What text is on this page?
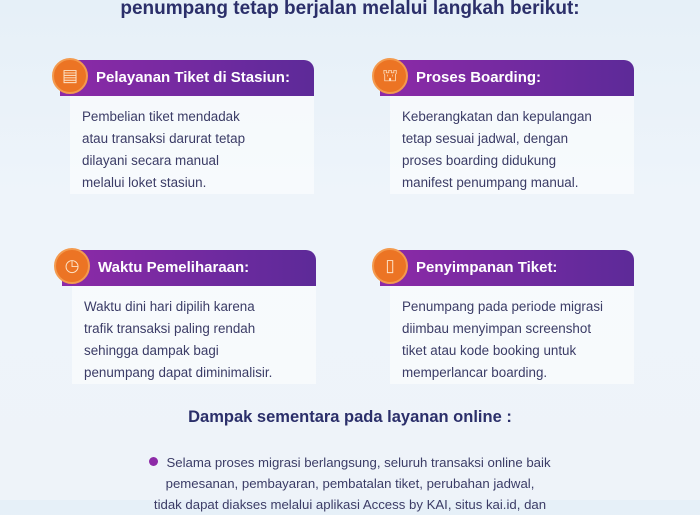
penumpang tetap berjalan melalui langkah berikut:
▤	Pelayanan Tiket di Stasiun:
Pembelian tiket mendadak
atau transaksi darurat tetap
dilayani secara manual
melalui loket stasiun.
⛫	Proses Boarding:
Keberangkatan dan kepulangan
tetap sesuai jadwal, dengan
proses boarding didukung
manifest penumpang manual.
◷	Waktu Pemeliharaan:
Waktu dini hari dipilih karena
trafik transaksi paling rendah
sehingga dampak bagi
penumpang dapat diminimalisir.
▯	Penyimpanan Tiket:
Penumpang pada periode migrasi
diimbau menyimpan screenshot
tiket atau kode booking untuk
memperlancar boarding.
Dampak sementara pada layanan online :
Selama proses migrasi berlangsung, seluruh transaksi online baik
pemesanan, pembayaran, pembatalan tiket, perubahan jadwal,
tidak dapat diakses melalui aplikasi Access by KAI, situs kai.id, dan
